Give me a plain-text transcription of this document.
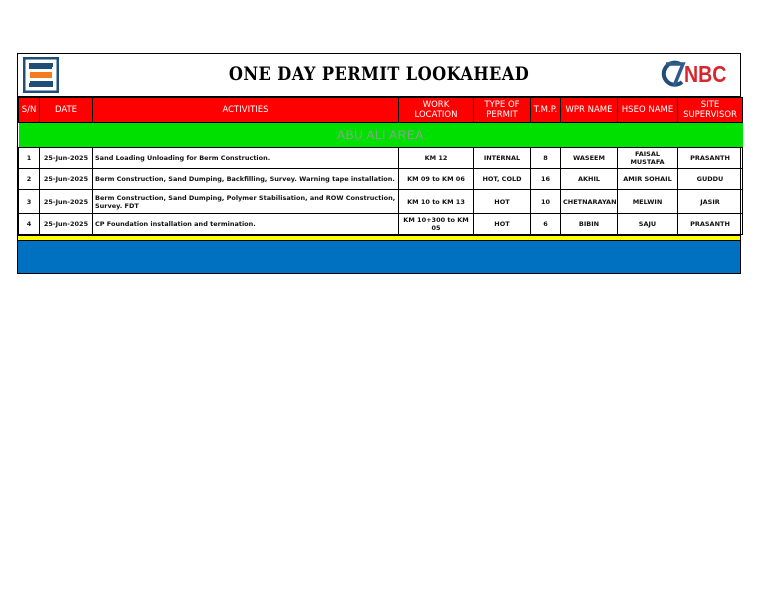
ONE DAY PERMIT LOOKAHEAD	NBC
S/N	DATE	ACTIVITIES	WORK LOCATION	TYPE OF PERMIT	T.M.P.	WPR NAME	HSEO NAME	SITE SUPERVISOR
ABU ALI AREA								
1	25-Jun-2025	Sand Loading Unloading for Berm Construction.	KM 12	INTERNAL	8	WASEEM	FAISAL MUSTAFA	PRASANTH
2	25-Jun-2025	Berm Construction, Sand Dumping, Backfilling, Survey. Warning tape installation.	KM 09 to KM 06	HOT, COLD	16	AKHIL	AMIR SOHAIL	GUDDU
3	25-Jun-2025	Berm Construction, Sand Dumping, Polymer Stabilisation, and ROW Construction, Survey. FDT	KM 10 to KM 13	HOT	10	CHETNARAYAN	MELWIN	JASIR
4	25-Jun-2025	CP Foundation installation and termination.	KM 10+300 to KM 05	HOT	6	BIBIN	SAJU	PRASANTH
